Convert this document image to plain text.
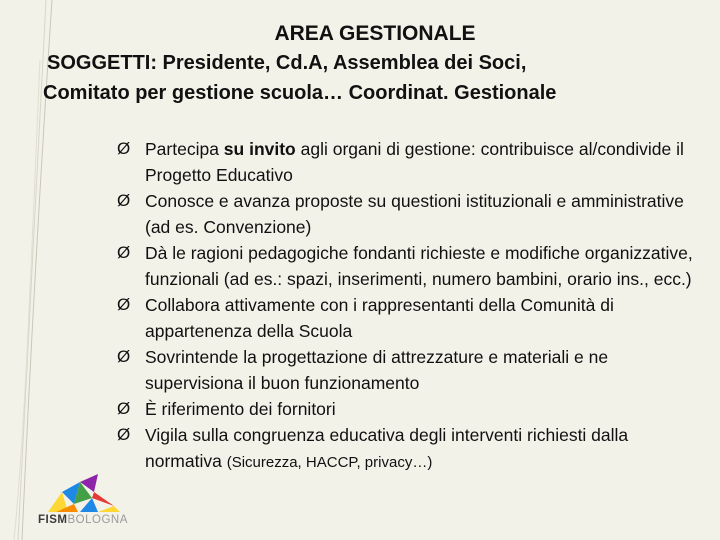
AREA GESTIONALE
SOGGETTI: Presidente, Cd.A, Assemblea dei Soci,
Comitato per gestione scuola… Coordinat. Gestionale
Ø Partecipa su invito agli organi di gestione: contribuisce al/condivide il Progetto Educativo
Ø Conosce e avanza proposte su questioni istituzionali e amministrative (ad es. Convenzione)
Ø Dà le ragioni pedagogiche fondanti richieste e modifiche organizzative, funzionali (ad es.: spazi, inserimenti, numero bambini, orario ins., ecc.)
Ø Collabora attivamente con i rappresentanti della Comunità di appartenenza della Scuola
Ø Sovrintende la progettazione di attrezzature e materiali e ne supervisiona il buon funzionamento
Ø È riferimento dei fornitori
Ø Vigila sulla congruenza educativa degli interventi richiesti dalla normativa (Sicurezza, HACCP, privacy…)
FISMBOLOGNA
